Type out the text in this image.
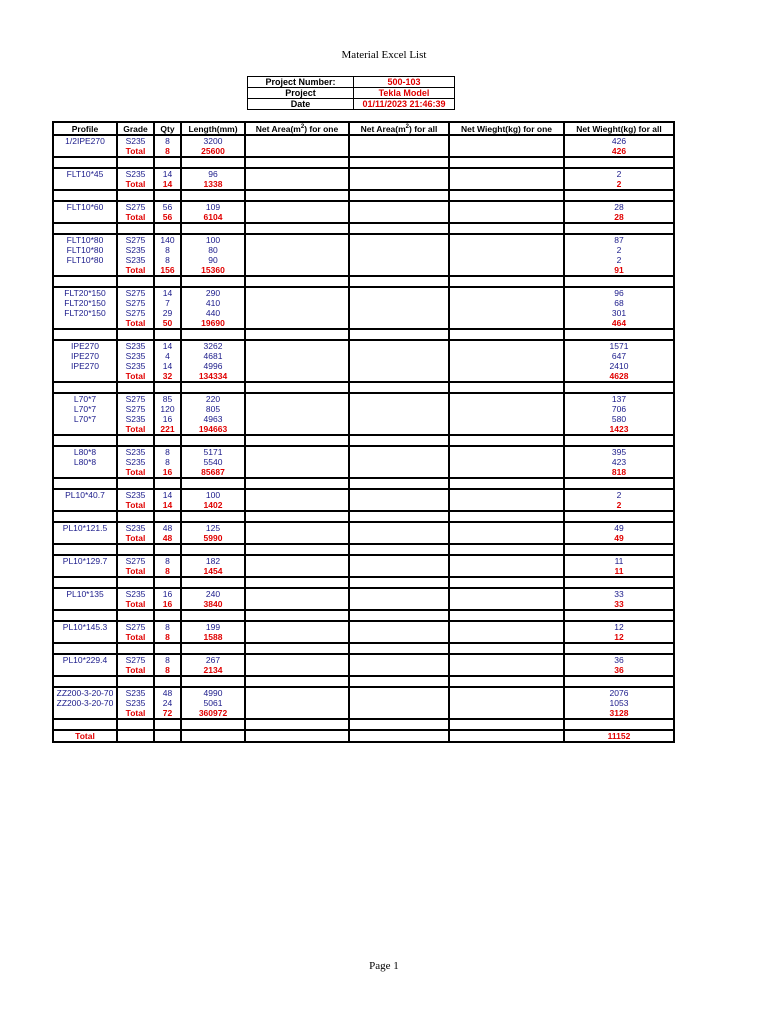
Material Excel List
Project Number:	500-103
Project	Tekla Model
Date	01/11/2023 21:46:39
Profile	Grade	Qty	Length(mm)	Net $Area(m^2)$ for one	Net $Area(m^2)$ for all	Net Wieght(kg) for one	Net Wieght(kg) for all
1/2IPE270	S235	8	3200				426
	Total	8	25600				426

FLT10*45	S235	14	96				2
	Total	14	1338				2

FLT10*60	S275	56	109				28
	Total	56	6104				28

FLT10*80	S275	140	100				87
FLT10*80	S235	8	80				2
FLT10*80	S235	8	90				2
	Total	156	15360				91

FLT20*150	S275	14	290				96
FLT20*150	S275	7	410				68
FLT20*150	S275	29	440				301
	Total	50	19690				464

IPE270	S235	14	3262				1571
IPE270	S235	4	4681				647
IPE270	S235	14	4996				2410
	Total	32	134334				4628

L70*7	S275	85	220				137
L70*7	S275	120	805				706
L70*7	S235	16	4963				580
	Total	221	194663				1423

L80*8	S235	8	5171				395
L80*8	S235	8	5540				423
	Total	16	85687				818

PL10*40.7	S235	14	100				2
	Total	14	1402				2

PL10*121.5	S235	48	125				49
	Total	48	5990				49

PL10*129.7	S275	8	182				11
	Total	8	1454				11

PL10*135	S235	16	240				33
	Total	16	3840				33

PL10*145.3	S275	8	199				12
	Total	8	1588				12

PL10*229.4	S275	8	267				36
	Total	8	2134				36

ZZ200-3-20-70	S235	48	4990				2076
ZZ200-3-20-70	S235	24	5061				1053
	Total	72	360972				3128

Total							11152
Page 1
